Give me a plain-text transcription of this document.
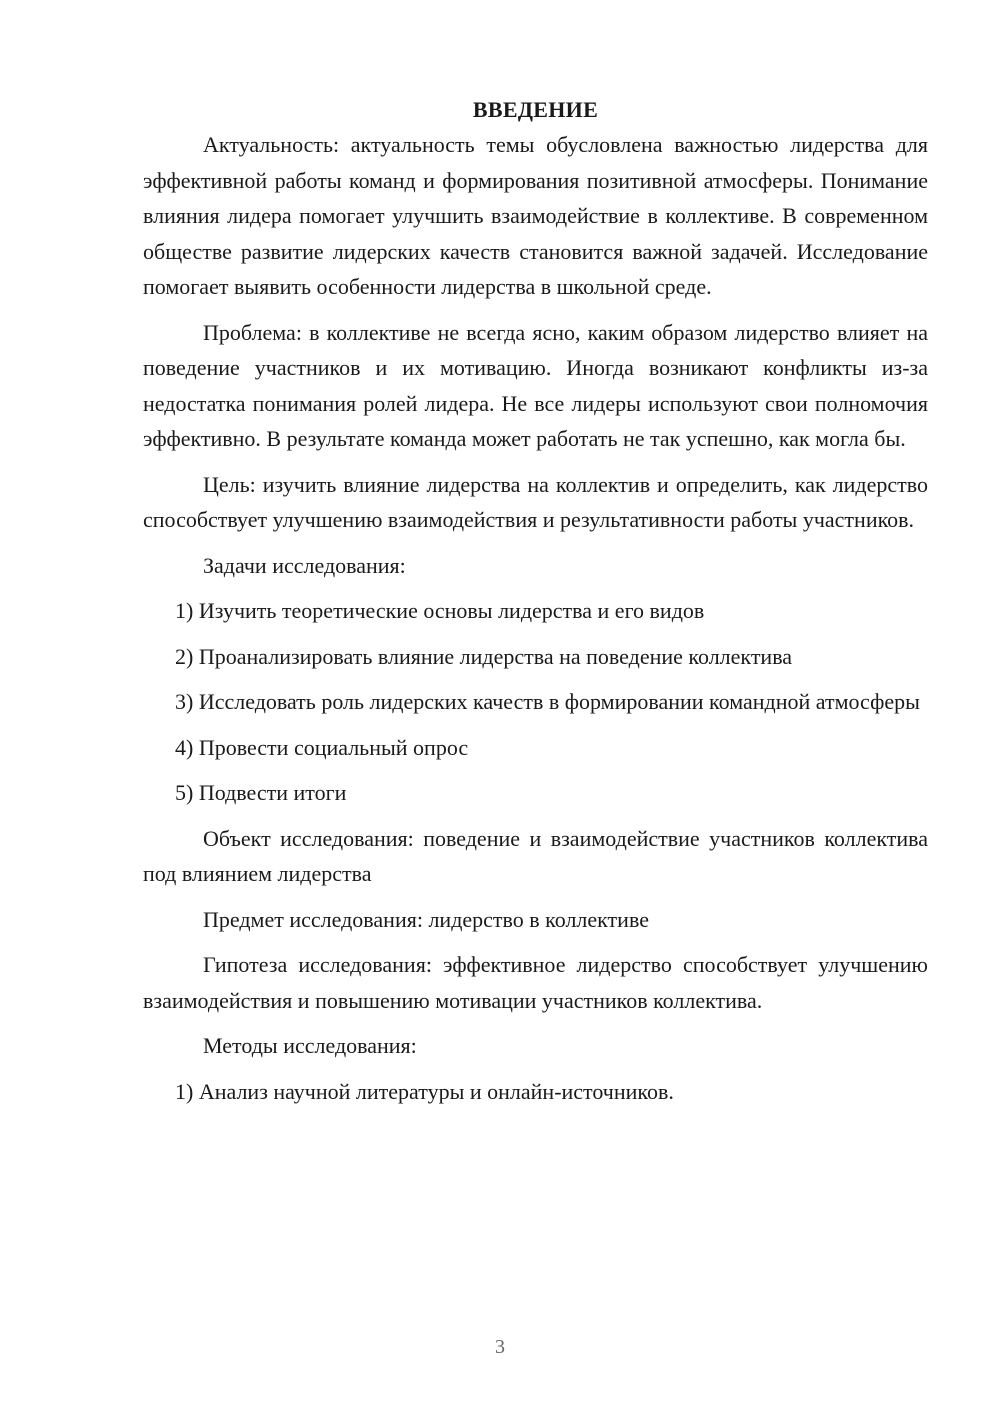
ВВЕДЕНИЕ

Актуальность: актуальность темы обусловлена важностью лидерства для эффективной работы команд и формирования позитивной атмосферы. Понимание влияния лидера помогает улучшить взаимодействие в коллективе. В современном обществе развитие лидерских качеств становится важной задачей. Исследование помогает выявить особенности лидерства в школьной среде.

Проблема: в коллективе не всегда ясно, каким образом лидерство влияет на поведение участников и их мотивацию. Иногда возникают конфликты из-за недостатка понимания ролей лидера. Не все лидеры используют свои полномочия эффективно. В результате команда может работать не так успешно, как могла бы.

Цель: изучить влияние лидерства на коллектив и определить, как лидерство способствует улучшению взаимодействия и результативности работы участников.

Задачи исследования:

1) Изучить теоретические основы лидерства и его видов

2) Проанализировать влияние лидерства на поведение коллектива

3) Исследовать роль лидерских качеств в формировании командной атмосферы

4) Провести социальный опрос

5) Подвести итоги

Объект исследования: поведение и взаимодействие участников коллектива под влиянием лидерства

Предмет исследования: лидерство в коллективе

Гипотеза исследования: эффективное лидерство способствует улучшению взаимодействия и повышению мотивации участников коллектива.

Методы исследования:

1) Анализ научной литературы и онлайн-источников.

3
